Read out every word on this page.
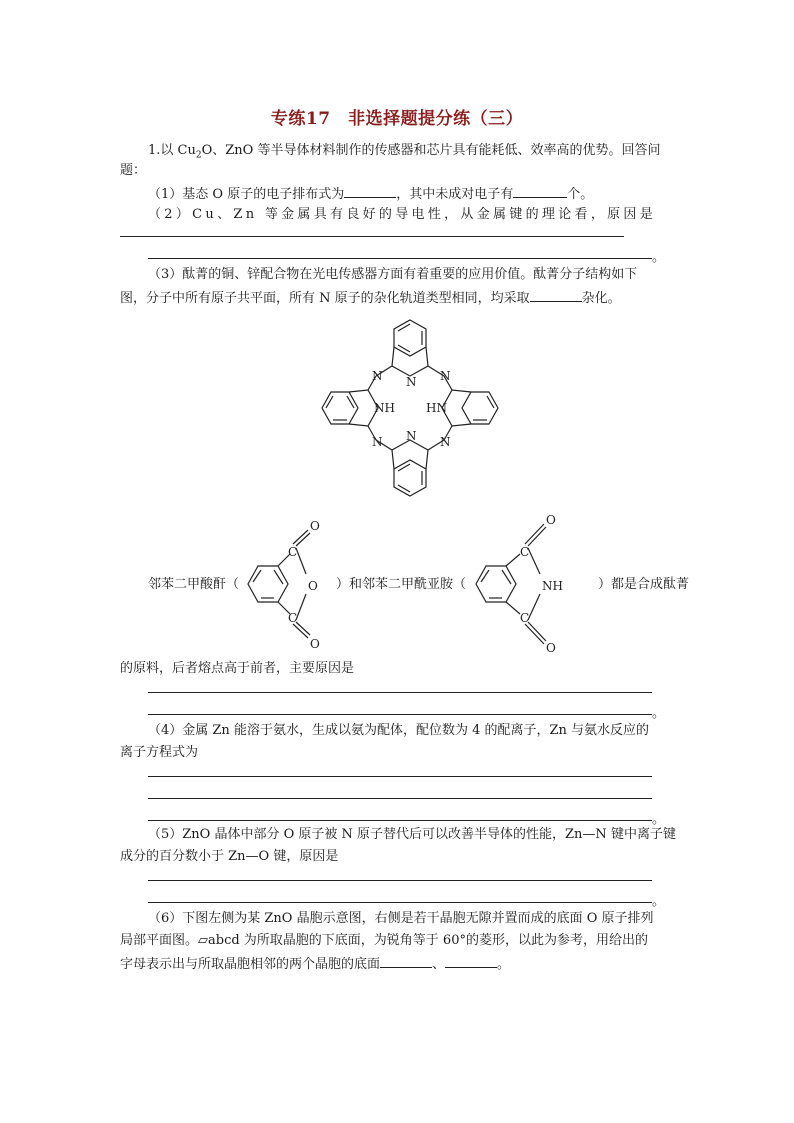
专练17　非选择题提分练（三）
1.以 $Cu_2O$、ZnO 等半导体材料制作的传感器和芯片具有能耗低、效率高的优势。回答问
题：
（1）基态 O 原子的电子排布式为	，其中未成对电子有	个。
（2）Cu、Zn 等金属具有良好的导电性，从金属键的理论看，原因是
。
（3）酞菁的铜、锌配合物在光电传感器方面有着重要的应用价值。酞菁分子结构如下
图，分子中所有原子共平面，所有 N 原子的杂化轨道类型相同，均采取	杂化。
N N N
NH	HN
N N N
邻苯二甲酸酐（
C
C
O
O
O
）和邻苯二甲酰亚胺（
C
C
O
NH
O
）都是合成酞菁
的原料，后者熔点高于前者，主要原因是
。
（4）金属 Zn 能溶于氨水，生成以氨为配体，配位数为 4 的配离子，Zn 与氨水反应的
离子方程式为
。
（5）ZnO 晶体中部分 O 原子被 N 原子替代后可以改善半导体的性能，Zn—N 键中离子键
成分的百分数小于 Zn—O 键，原因是
。
（6）下图左侧为某 ZnO 晶胞示意图，右侧是若干晶胞无隙并置而成的底面 O 原子排列
局部平面图。▱abcd 为所取晶胞的下底面，为锐角等于 60°的菱形，以此为参考，用给出的
字母表示出与所取晶胞相邻的两个晶胞的底面	、	。
